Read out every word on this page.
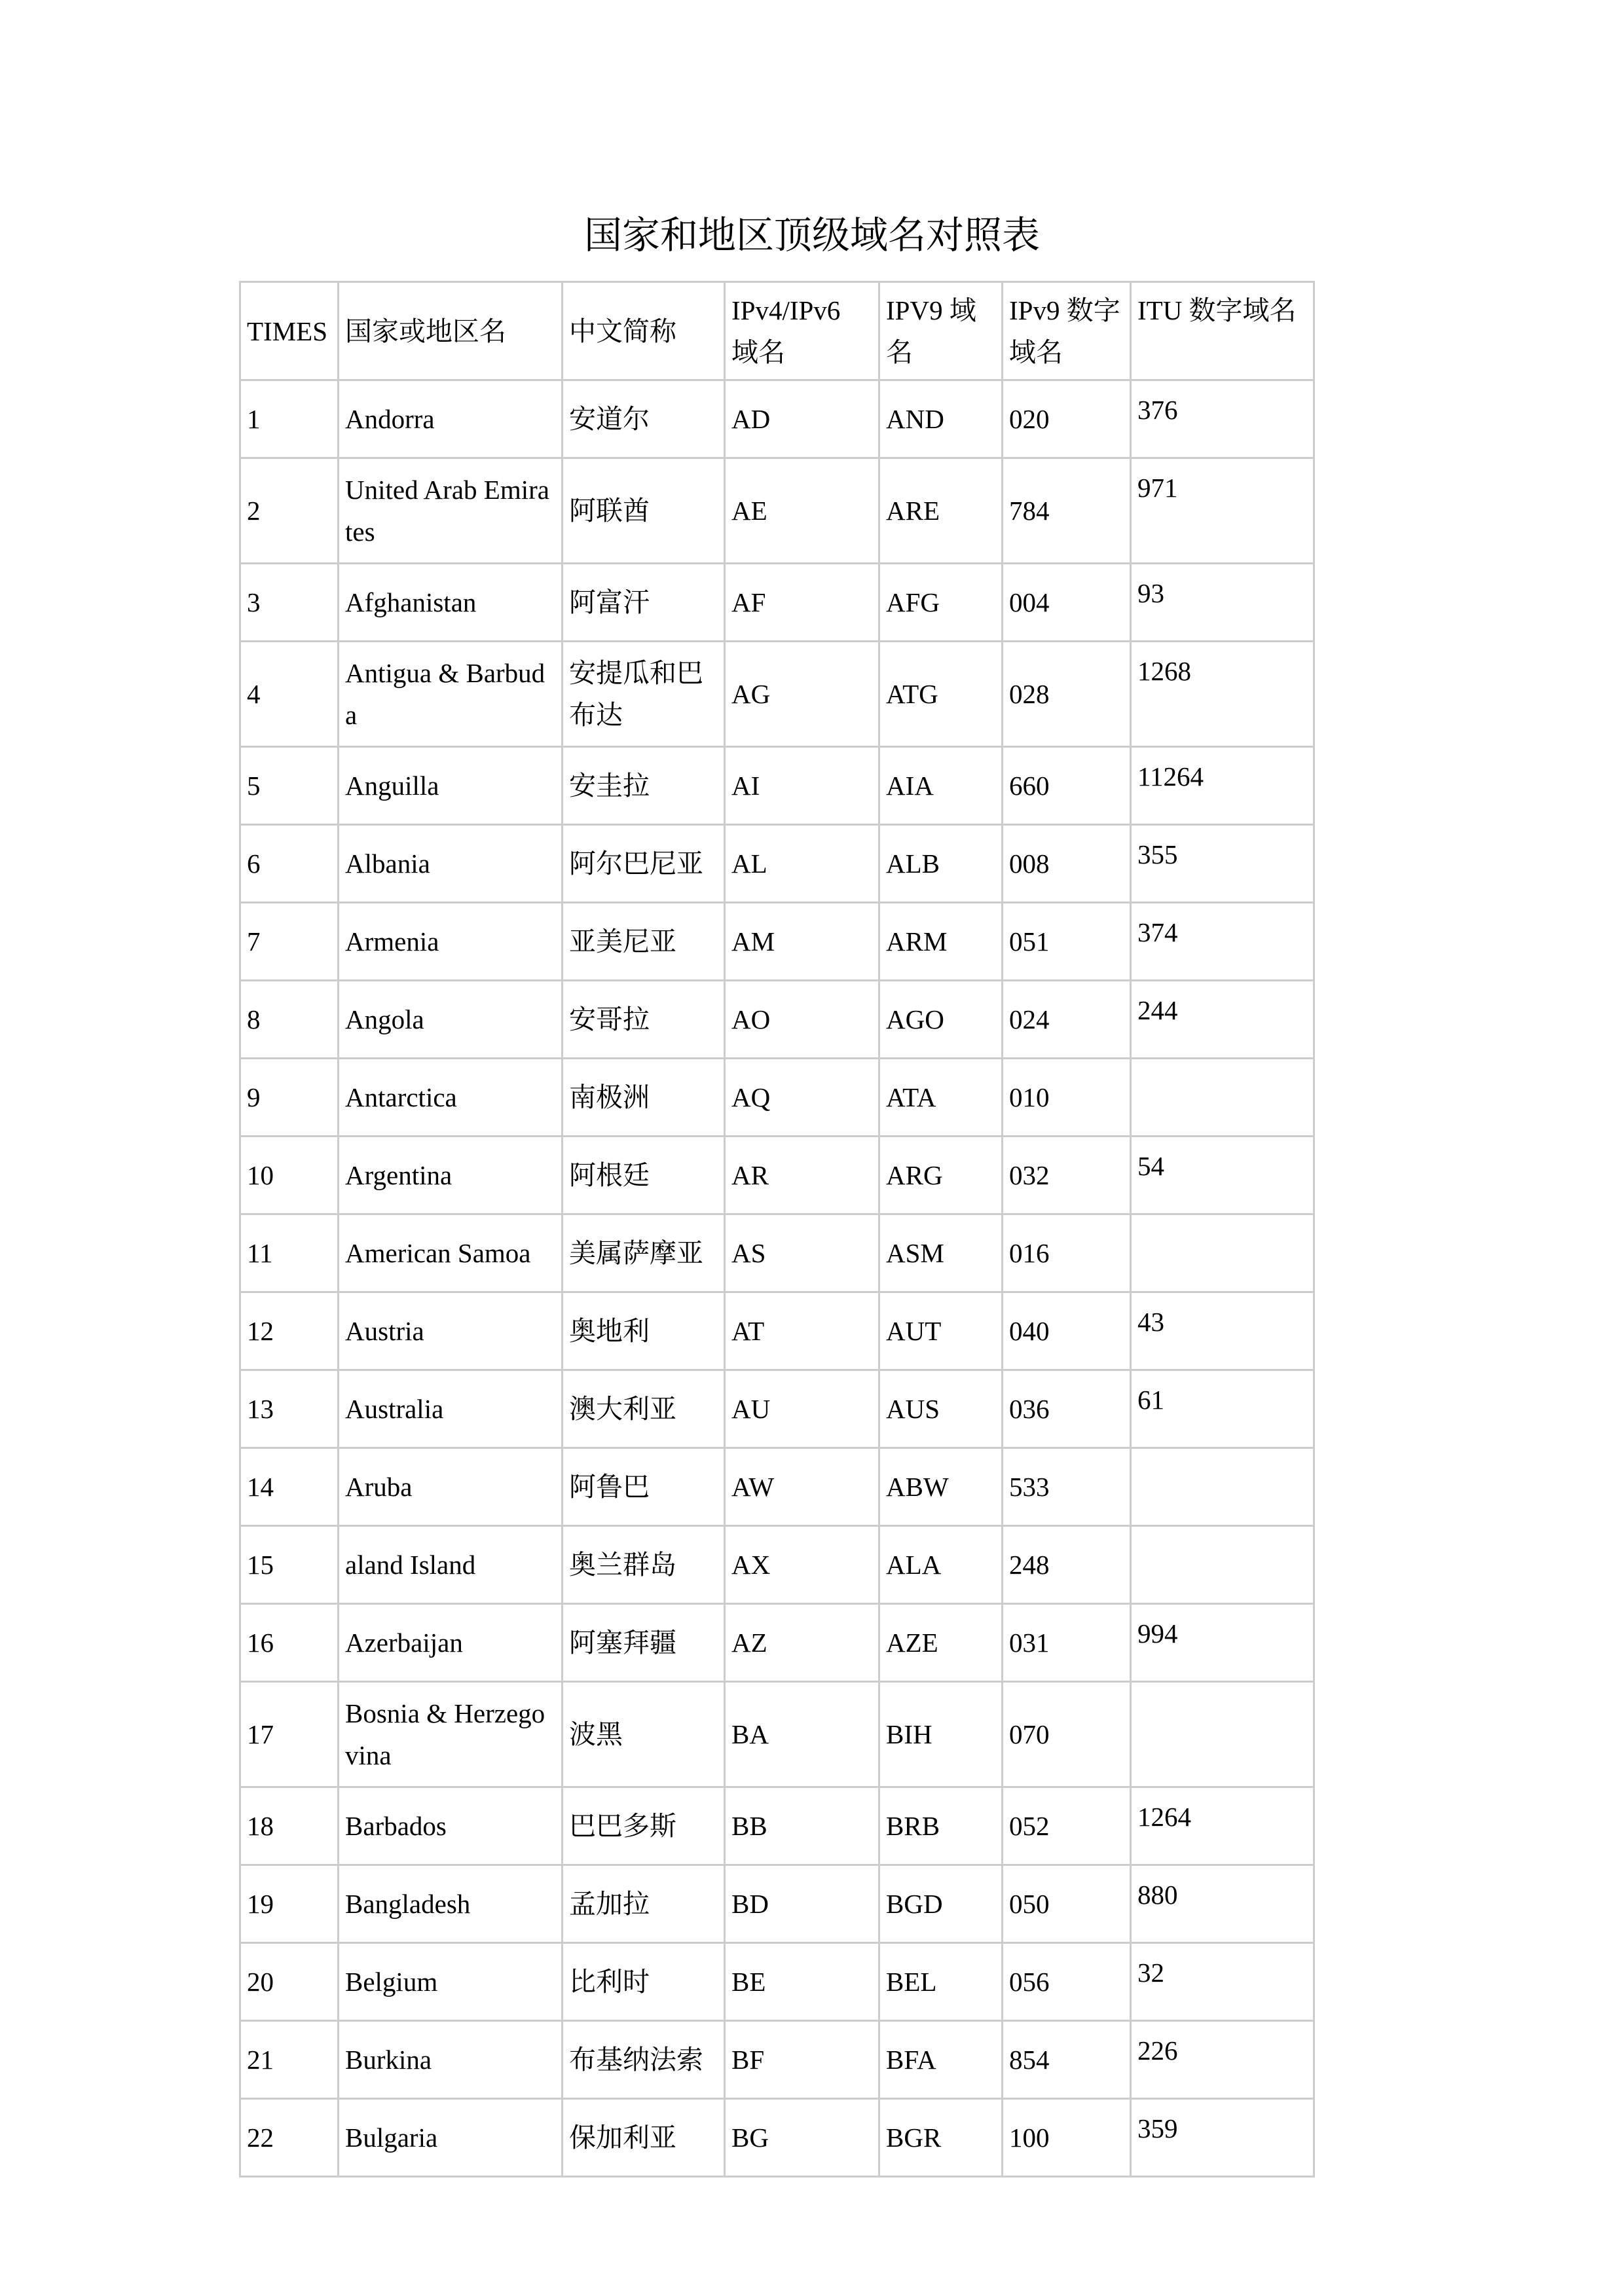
国家和地区顶级域名对照表
TIMES	国家或地区名	中文简称	IPv4/IPv6 域名	IPV9 域名	IPv9 数字域名	ITU 数字域名
1	Andorra	安道尔	AD	AND	020	376
2	United Arab Emirates	阿联酋	AE	ARE	784	971
3	Afghanistan	阿富汗	AF	AFG	004	93
4	Antigua & Barbuda	安提瓜和巴布达	AG	ATG	028	1268
5	Anguilla	安圭拉	AI	AIA	660	11264
6	Albania	阿尔巴尼亚	AL	ALB	008	355
7	Armenia	亚美尼亚	AM	ARM	051	374
8	Angola	安哥拉	AO	AGO	024	244
9	Antarctica	南极洲	AQ	ATA	010	
10	Argentina	阿根廷	AR	ARG	032	54
11	American Samoa	美属萨摩亚	AS	ASM	016	
12	Austria	奥地利	AT	AUT	040	43
13	Australia	澳大利亚	AU	AUS	036	61
14	Aruba	阿鲁巴	AW	ABW	533	
15	aland Island	奥兰群岛	AX	ALA	248	
16	Azerbaijan	阿塞拜疆	AZ	AZE	031	994
17	Bosnia & Herzegovina	波黑	BA	BIH	070	
18	Barbados	巴巴多斯	BB	BRB	052	1264
19	Bangladesh	孟加拉	BD	BGD	050	880
20	Belgium	比利时	BE	BEL	056	32
21	Burkina	布基纳法索	BF	BFA	854	226
22	Bulgaria	保加利亚	BG	BGR	100	359
